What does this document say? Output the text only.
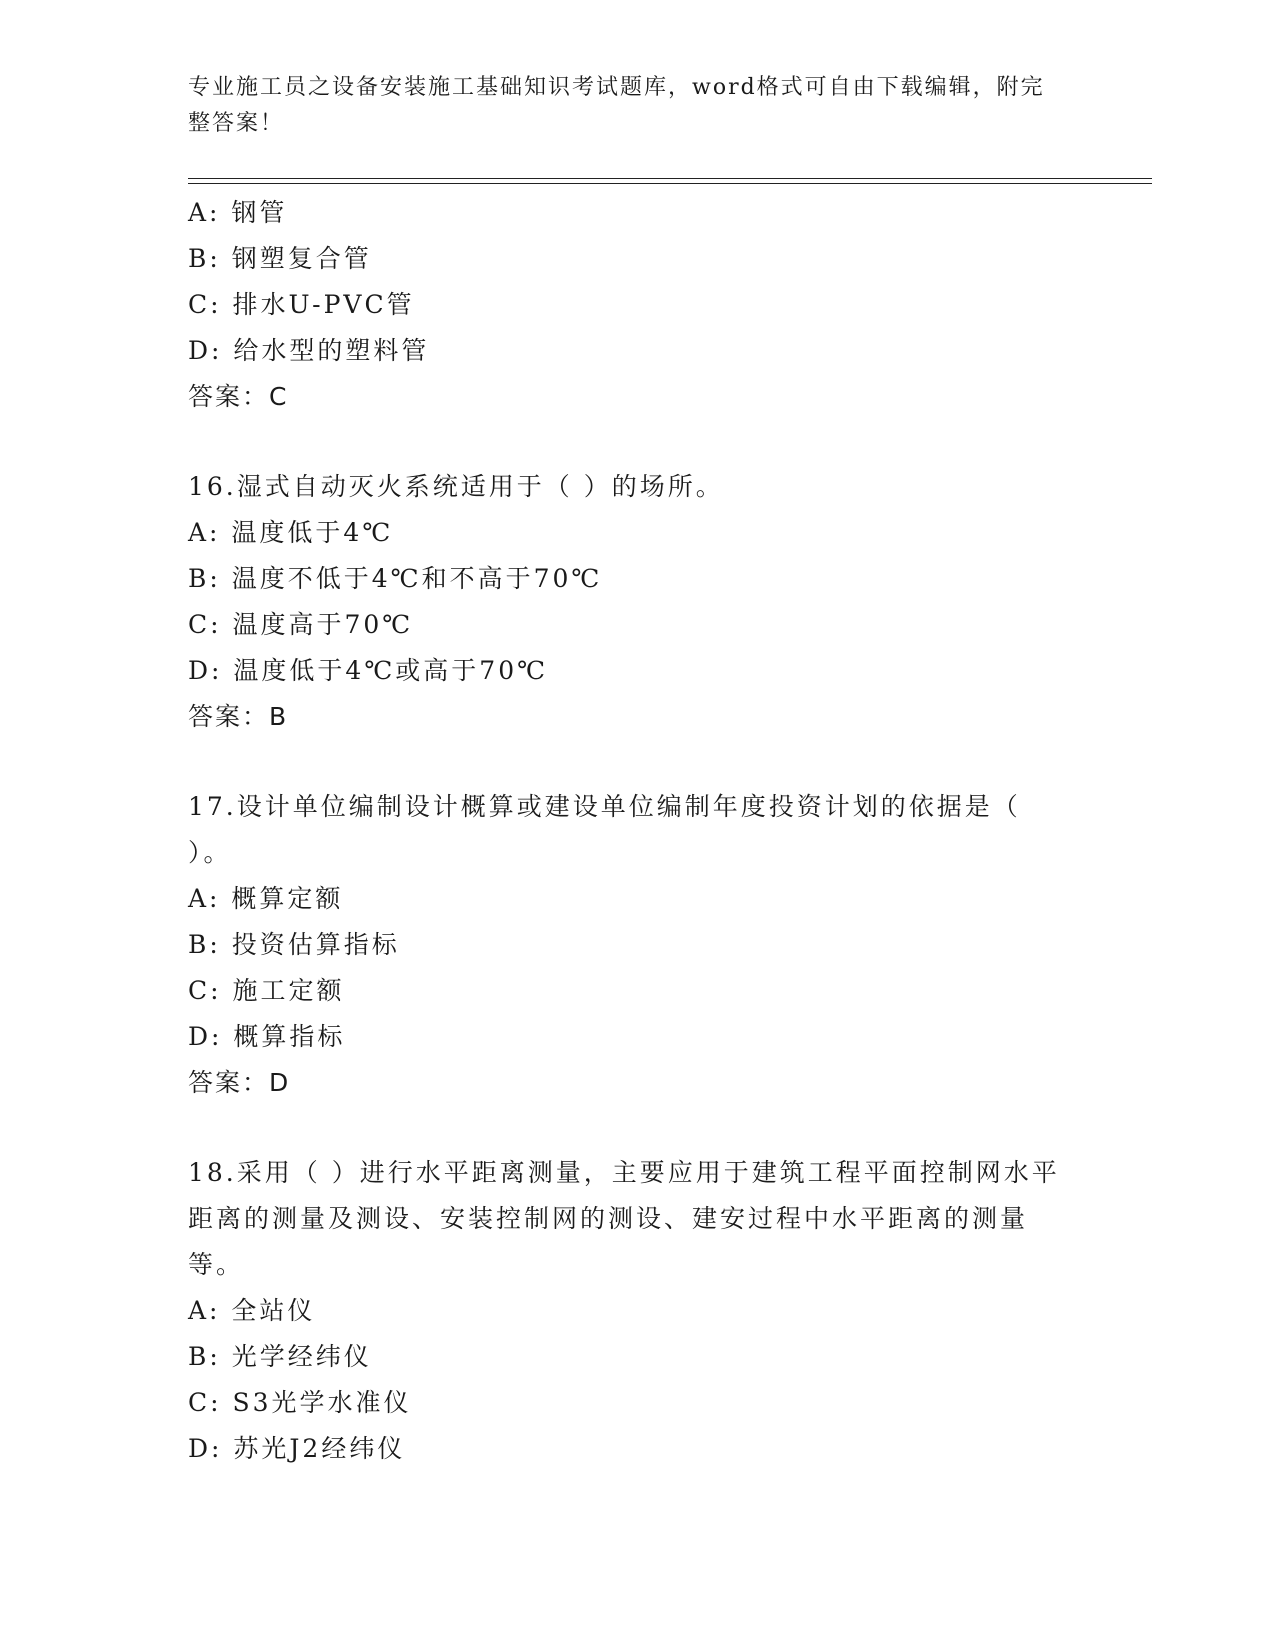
专业施工员之设备安装施工基础知识考试题库，word格式可自由下载编辑，附完整答案！
A: 钢管
B: 钢塑复合管
C: 排水U-PVC管
D: 给水型的塑料管
答案：C
16.湿式自动灭火系统适用于（ ）的场所。
A: 温度低于4℃
B: 温度不低于4℃和不高于70℃
C: 温度高于70℃
D: 温度低于4℃或高于70℃
答案：B
17.设计单位编制设计概算或建设单位编制年度投资计划的依据是（ ）。
A: 概算定额
B: 投资估算指标
C: 施工定额
D: 概算指标
答案：D
18.采用（ ）进行水平距离测量，主要应用于建筑工程平面控制网水平距离的测量及测设、安装控制网的测设、建安过程中水平距离的测量等。
A: 全站仪
B: 光学经纬仪
C: S3光学水准仪
D: 苏光J2经纬仪
